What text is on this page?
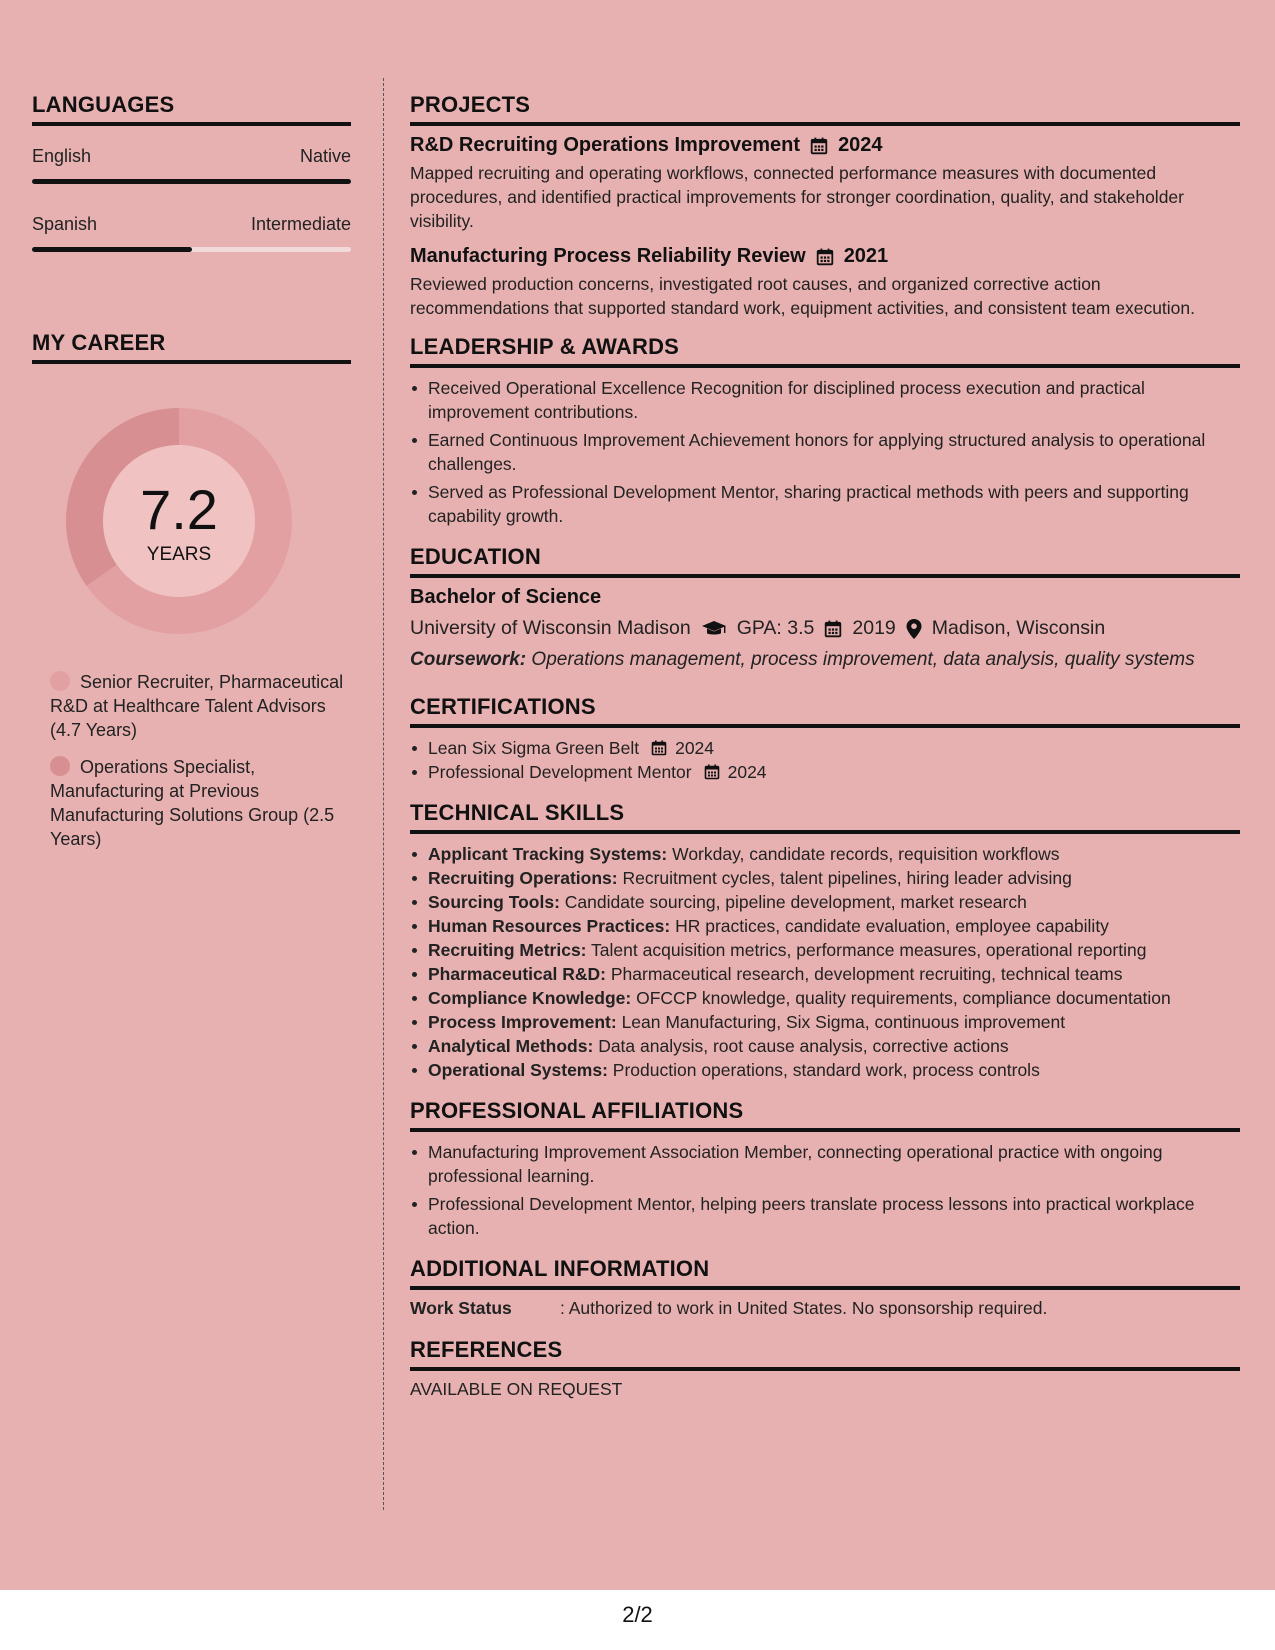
LANGUAGES
English	Native
Spanish	Intermediate
MY CAREER
7.2
YEARS
Senior Recruiter, Pharmaceutical R&D at Healthcare Talent Advisors (4.7 Years)
Operations Specialist, Manufacturing at Previous Manufacturing Solutions Group (2.5 Years)
PROJECTS
R&D Recruiting Operations Improvement 2024
Mapped recruiting and operating workflows, connected performance measures with documented procedures, and identified practical improvements for stronger coordination, quality, and stakeholder visibility.
Manufacturing Process Reliability Review 2021
Reviewed production concerns, investigated root causes, and organized corrective action recommendations that supported standard work, equipment activities, and consistent team execution.
LEADERSHIP & AWARDS
Received Operational Excellence Recognition for disciplined process execution and practical improvement contributions.
Earned Continuous Improvement Achievement honors for applying structured analysis to operational challenges.
Served as Professional Development Mentor, sharing practical methods with peers and supporting capability growth.
EDUCATION
Bachelor of Science
University of Wisconsin Madison GPA: 3.5 2019 Madison, Wisconsin
Coursework: Operations management, process improvement, data analysis, quality systems
CERTIFICATIONS
Lean Six Sigma Green Belt 2024
Professional Development Mentor 2024
TECHNICAL SKILLS
Applicant Tracking Systems: Workday, candidate records, requisition workflows
Recruiting Operations: Recruitment cycles, talent pipelines, hiring leader advising
Sourcing Tools: Candidate sourcing, pipeline development, market research
Human Resources Practices: HR practices, candidate evaluation, employee capability
Recruiting Metrics: Talent acquisition metrics, performance measures, operational reporting
Pharmaceutical R&D: Pharmaceutical research, development recruiting, technical teams
Compliance Knowledge: OFCCP knowledge, quality requirements, compliance documentation
Process Improvement: Lean Manufacturing, Six Sigma, continuous improvement
Analytical Methods: Data analysis, root cause analysis, corrective actions
Operational Systems: Production operations, standard work, process controls
PROFESSIONAL AFFILIATIONS
Manufacturing Improvement Association Member, connecting operational practice with ongoing professional learning.
Professional Development Mentor, helping peers translate process lessons into practical workplace action.
ADDITIONAL INFORMATION
Work Status	: Authorized to work in United States. No sponsorship required.
REFERENCES
AVAILABLE ON REQUEST
2/2
